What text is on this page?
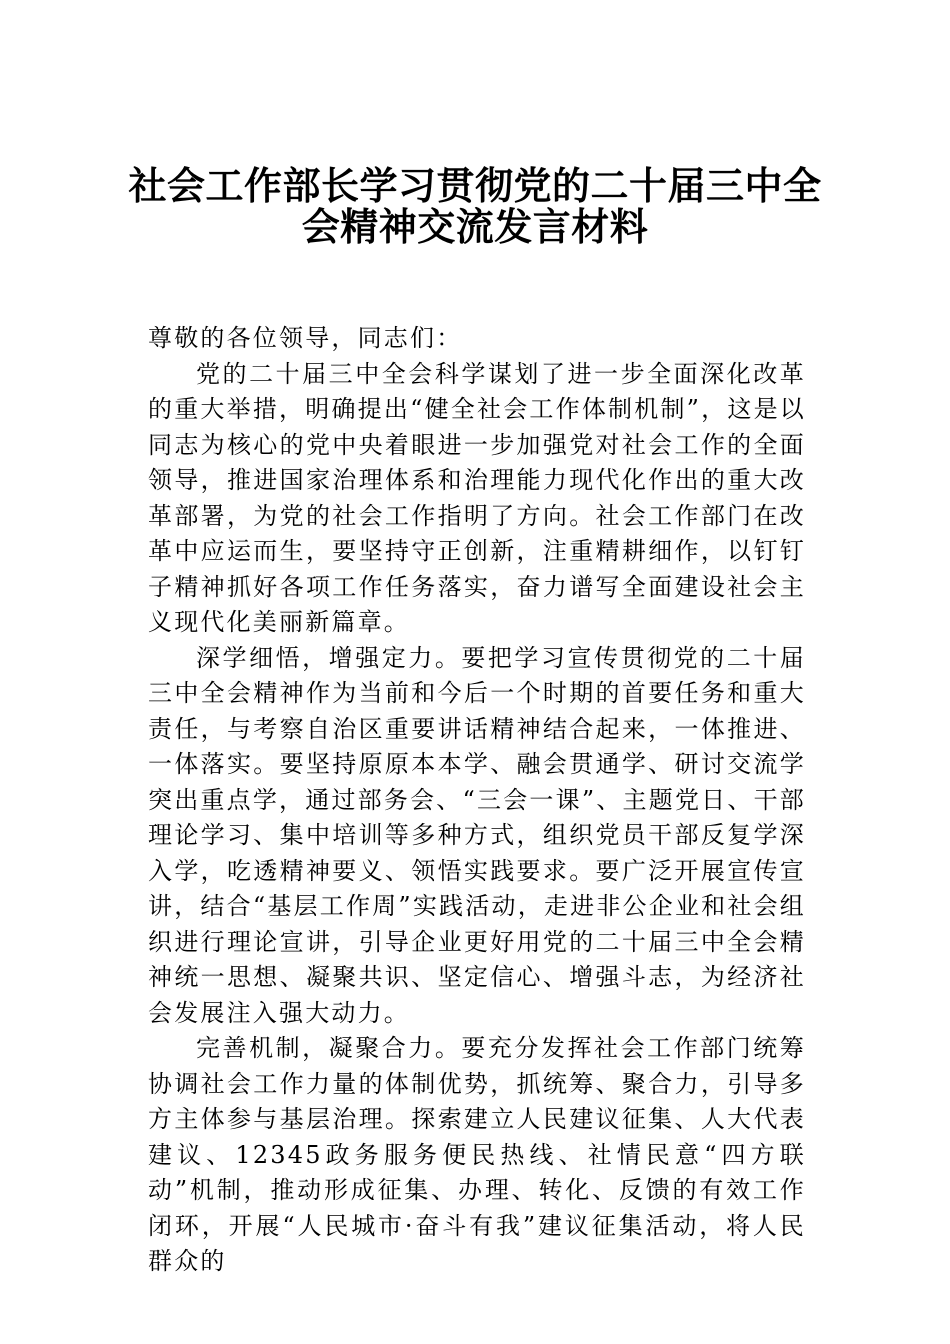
社会工作部长学习贯彻党的二十届三中全
会精神交流发言材料

尊敬的各位领导，同志们：

党的二十届三中全会科学谋划了进一步全面深化改革的重大举措，明确提出“健全社会工作体制机制”，这是以同志为核心的党中央着眼进一步加强党对社会工作的全面领导，推进国家治理体系和治理能力现代化作出的重大改革部署，为党的社会工作指明了方向。社会工作部门在改革中应运而生，要坚持守正创新，注重精耕细作，以钉钉子精神抓好各项工作任务落实，奋力谱写全面建设社会主义现代化美丽新篇章。

深学细悟，增强定力。要把学习宣传贯彻党的二十届三中全会精神作为当前和今后一个时期的首要任务和重大责任，与考察自治区重要讲话精神结合起来，一体推进、一体落实。要坚持原原本本学、融会贯通学、研讨交流学突出重点学，通过部务会、“三会一课”、主题党日、干部理论学习、集中培训等多种方式，组织党员干部反复学深入学，吃透精神要义、领悟实践要求。要广泛开展宣传宣讲，结合“基层工作周”实践活动，走进非公企业和社会组织进行理论宣讲，引导企业更好用党的二十届三中全会精神统一思想、凝聚共识、坚定信心、增强斗志，为经济社会发展注入强大动力。

完善机制，凝聚合力。要充分发挥社会工作部门统筹协调社会工作力量的体制优势，抓统筹、聚合力，引导多方主体参与基层治理。探索建立人民建议征集、人大代表建议、12345政务服务便民热线、社情民意“四方联动”机制，推动形成征集、办理、转化、反馈的有效工作闭环，开展“人民城市·奋斗有我”建议征集活动，将人民群众的
